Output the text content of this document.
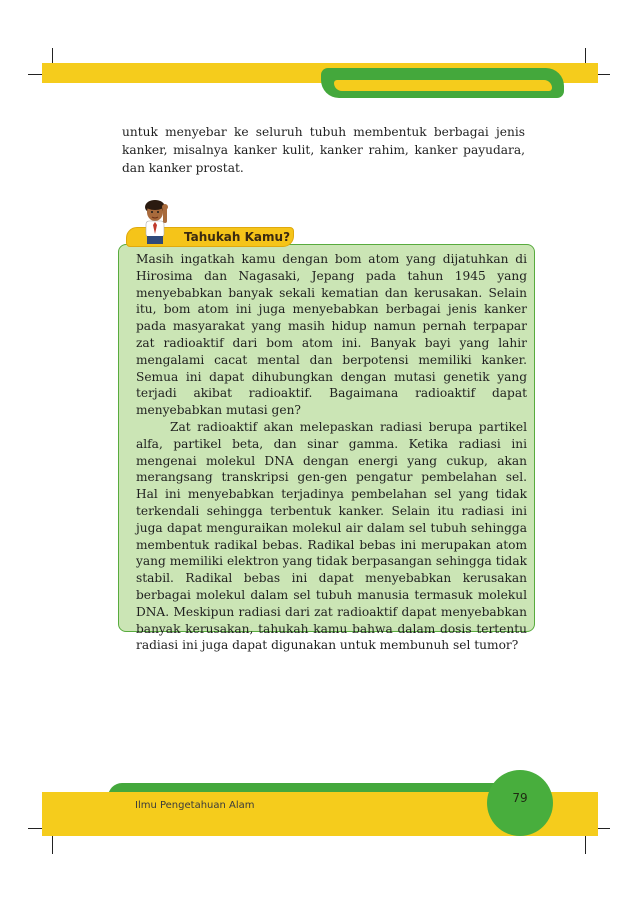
untuk menyebar ke seluruh tubuh membentuk berbagai jenis kanker, misalnya kanker kulit, kanker rahim, kanker payudara, dan kanker prostat.

Masih ingatkah kamu dengan bom atom yang dijatuhkan di Hirosima dan Nagasaki, Jepang pada tahun 1945 yang menyebabkan banyak sekali kematian dan kerusakan. Selain itu, bom atom ini juga menyebabkan berbagai jenis kanker pada masyarakat yang masih hidup namun pernah terpapar zat radioaktif dari bom atom ini. Banyak bayi yang lahir mengalami cacat mental dan berpotensi memiliki kanker. Semua ini dapat dihubungkan dengan mutasi genetik yang terjadi akibat radioaktif. Bagaimana radioaktif dapat menyebabkan mutasi gen?

Zat radioaktif akan melepaskan radiasi berupa partikel alfa, partikel beta, dan sinar gamma. Ketika radiasi ini mengenai molekul DNA dengan energi yang cukup, akan merangsang transkripsi gen-gen pengatur pembelahan sel. Hal ini menyebabkan terjadinya pembelahan sel yang tidak terkendali sehingga terbentuk kanker. Selain itu radiasi ini juga dapat menguraikan molekul air dalam sel tubuh sehingga membentuk radikal bebas. Radikal bebas ini merupakan atom yang memiliki elektron yang tidak berpasangan sehingga tidak stabil. Radikal bebas ini dapat menyebabkan kerusakan berbagai molekul dalam sel tubuh manusia termasuk molekul DNA. Meskipun radiasi dari zat radioaktif dapat menyebabkan banyak kerusakan, tahukah kamu bahwa dalam dosis tertentu radiasi ini juga dapat digunakan untuk membunuh sel tumor?

Tahukah Kamu?
Ilmu Pengetahuan Alam
79
